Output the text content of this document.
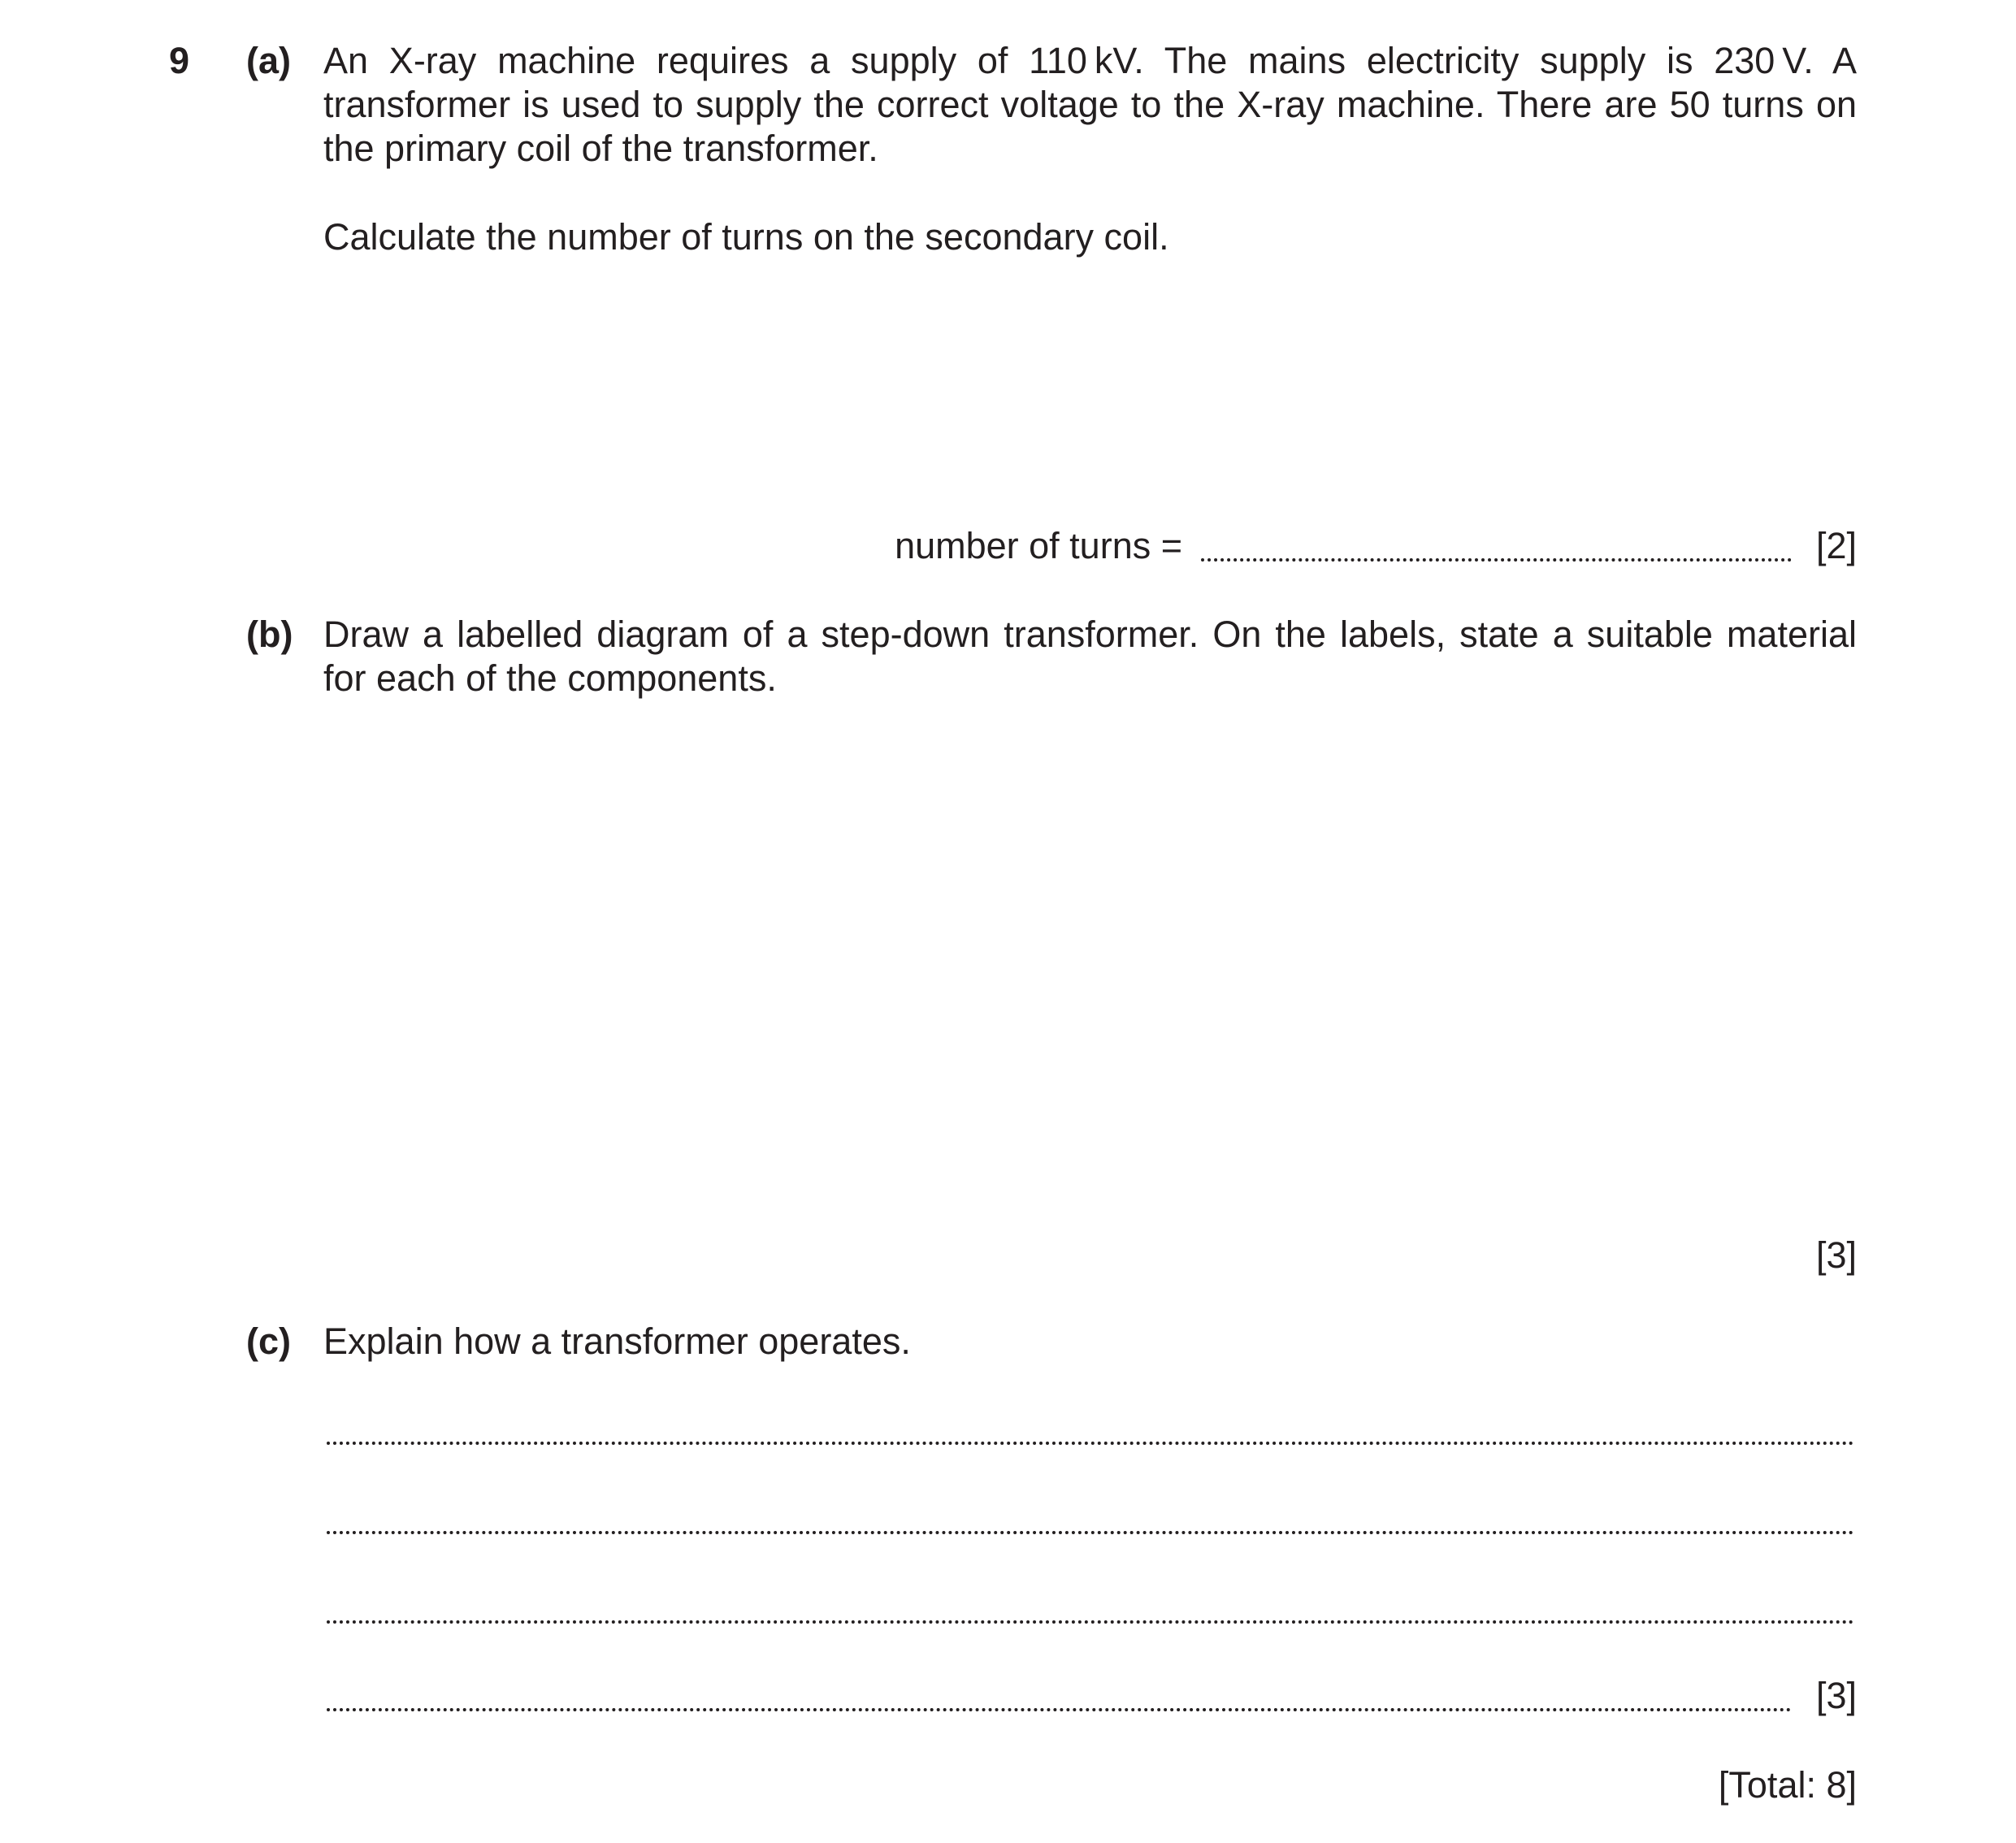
9 (a) An X-ray machine requires a supply of 110 kV. The mains electricity supply is 230 V. A transformer is used to supply the correct voltage to the X-ray machine. There are 50 turns on the primary coil of the transformer.
Calculate the number of turns on the secondary coil.
number of turns =	[2]
(b) Draw a labelled diagram of a step-down transformer. On the labels, state a suitable material for each of the components.
[3]
(c) Explain how a transformer operates.
[3]
[Total: 8]
